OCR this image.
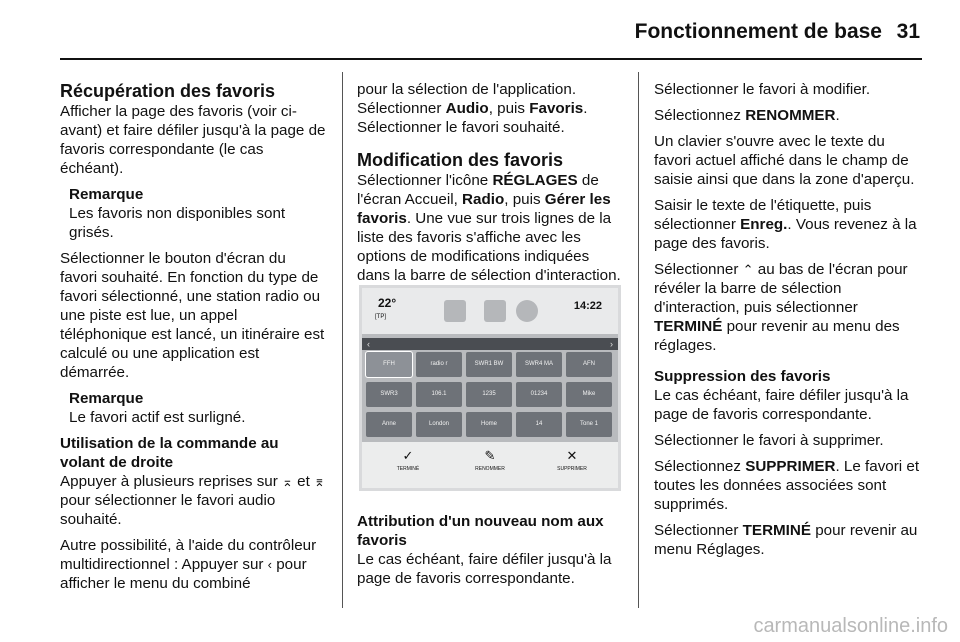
Fonctionnement de base 31
Récupération des favoris

Afficher la page des favoris (voir ci-avant) et faire défiler jusqu'à la page de favoris correspondante (le cas échéant).

Remarque
Les favoris non disponibles sont grisés.

Sélectionner le bouton d'écran du favori souhaité. En fonction du type de favori sélectionné, une station radio ou une piste est lue, un appel téléphonique est lancé, un itinéraire est calculé ou une application est démarrée.

Remarque
Le favori actif est surligné.
Utilisation de la commande au volant de droite

Appuyer à plusieurs reprises sur ⌅ et ⌆ pour sélectionner le favori audio souhaité.

Autre possibilité, à l'aide du contrôleur multidirectionnel : Appuyer sur ‹ pour afficher le menu du combiné

pour la sélection de l'application. Sélectionner Audio, puis Favoris. Sélectionner le favori souhaité.

Modification des favoris

Sélectionner l'icône RÉGLAGES de l'écran Accueil, Radio, puis Gérer les favoris. Une vue sur trois lignes de la liste des favoris s'affiche avec les options de modifications indiquées dans la barre de sélection d'interaction.

22°
[TP]
14:22
‹	›
FFH	radio r	SWR1 BW	SWR4 MA	AFN
SWR3	106.1	1235	01234	Mike
Anne	London	Home	14	Tone 1
✓
TERMINÉ
✎
RENOMMER
✕
SUPPRIMER
Attribution d'un nouveau nom aux favoris

Le cas échéant, faire défiler jusqu'à la page de favoris correspondante.

Sélectionner le favori à modifier.

Sélectionnez RENOMMER.

Un clavier s'ouvre avec le texte du favori actuel affiché dans le champ de saisie ainsi que dans la zone d'aperçu.

Saisir le texte de l'étiquette, puis sélectionner Enreg.. Vous revenez à la page des favoris.

Sélectionner ⌃ au bas de l'écran pour révéler la barre de sélection d'interaction, puis sélectionner TERMINÉ pour revenir au menu des réglages.

Suppression des favoris

Le cas échéant, faire défiler jusqu'à la page de favoris correspondante.

Sélectionner le favori à supprimer.

Sélectionnez SUPPRIMER. Le favori et toutes les données associées sont supprimés.

Sélectionner TERMINÉ pour revenir au menu Réglages.

carmanualsonline.info
